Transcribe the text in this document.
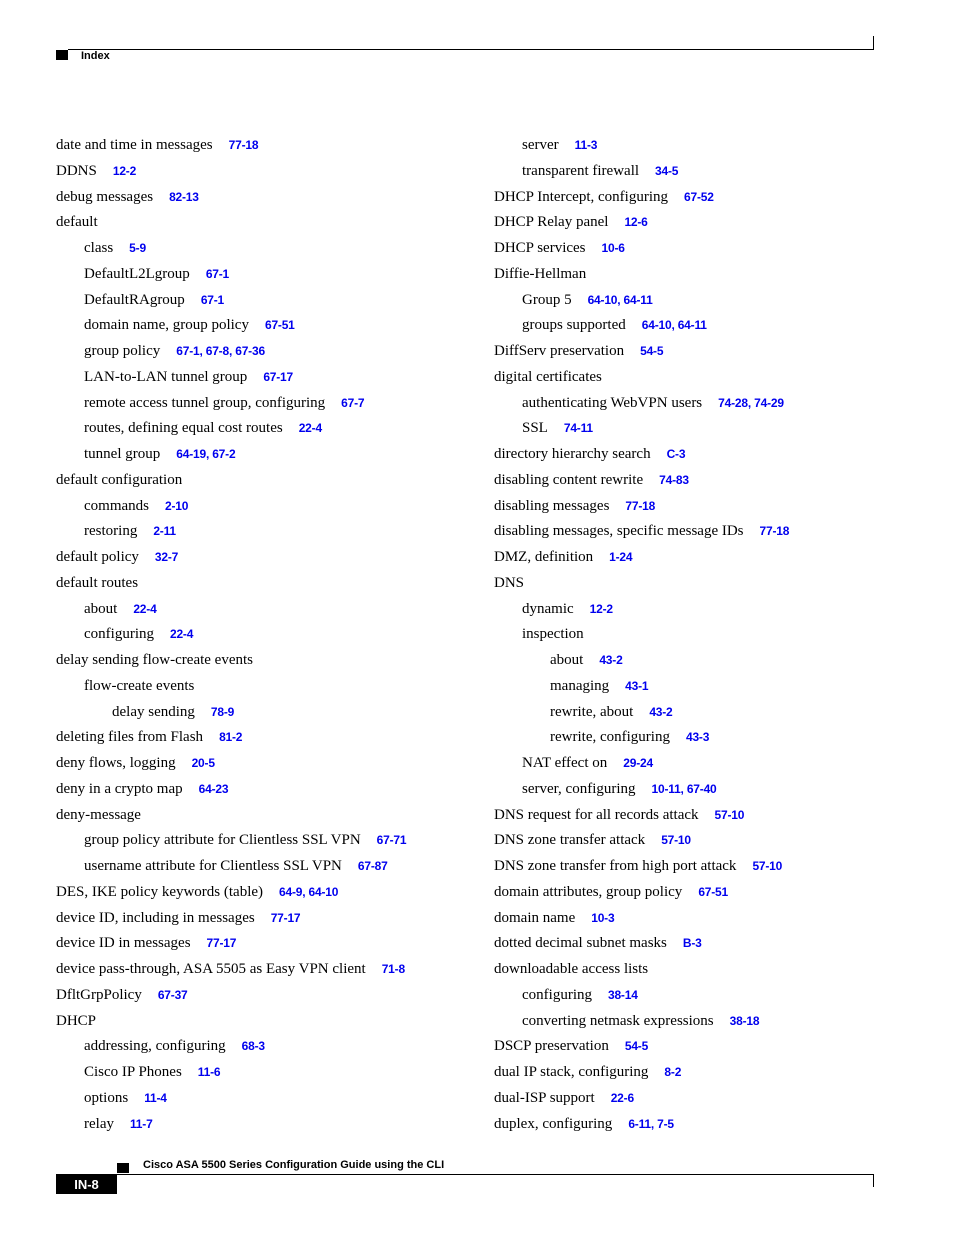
Index
date and time in messages 77-18
DDNS 12-2
debug messages 82-13
default
class 5-9
DefaultL2Lgroup 67-1
DefaultRAgroup 67-1
domain name, group policy 67-51
group policy 67-1, 67-8, 67-36
LAN-to-LAN tunnel group 67-17
remote access tunnel group, configuring 67-7
routes, defining equal cost routes 22-4
tunnel group 64-19, 67-2
default configuration
commands 2-10
restoring 2-11
default policy 32-7
default routes
about 22-4
configuring 22-4
delay sending flow-create events
flow-create events
delay sending 78-9
deleting files from Flash 81-2
deny flows, logging 20-5
deny in a crypto map 64-23
deny-message
group policy attribute for Clientless SSL VPN 67-71
username attribute for Clientless SSL VPN 67-87
DES, IKE policy keywords (table) 64-9, 64-10
device ID, including in messages 77-17
device ID in messages 77-17
device pass-through, ASA 5505 as Easy VPN client 71-8
DfltGrpPolicy 67-37
DHCP
addressing, configuring 68-3
Cisco IP Phones 11-6
options 11-4
relay 11-7
server 11-3
transparent firewall 34-5
DHCP Intercept, configuring 67-52
DHCP Relay panel 12-6
DHCP services 10-6
Diffie-Hellman
Group 5 64-10, 64-11
groups supported 64-10, 64-11
DiffServ preservation 54-5
digital certificates
authenticating WebVPN users 74-28, 74-29
SSL 74-11
directory hierarchy search C-3
disabling content rewrite 74-83
disabling messages 77-18
disabling messages, specific message IDs 77-18
DMZ, definition 1-24
DNS
dynamic 12-2
inspection
about 43-2
managing 43-1
rewrite, about 43-2
rewrite, configuring 43-3
NAT effect on 29-24
server, configuring 10-11, 67-40
DNS request for all records attack 57-10
DNS zone transfer attack 57-10
DNS zone transfer from high port attack 57-10
domain attributes, group policy 67-51
domain name 10-3
dotted decimal subnet masks B-3
downloadable access lists
configuring 38-14
converting netmask expressions 38-18
DSCP preservation 54-5
dual IP stack, configuring 8-2
dual-ISP support 22-6
duplex, configuring 6-11, 7-5
Cisco ASA 5500 Series Configuration Guide using the CLI
IN-8
